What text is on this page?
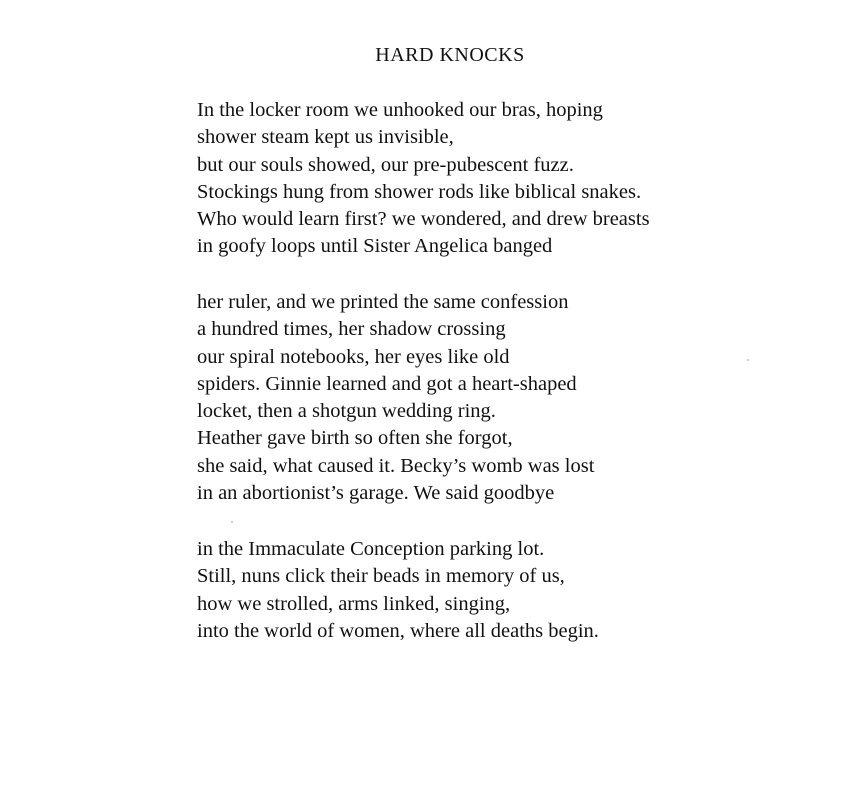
HARD KNOCKS
In the locker room we unhooked our bras, hoping
shower steam kept us invisible,
but our souls showed, our pre-pubescent fuzz.
Stockings hung from shower rods like biblical snakes.
Who would learn first? we wondered, and drew breasts
in goofy loops until Sister Angelica banged
her ruler, and we printed the same confession
a hundred times, her shadow crossing
our spiral notebooks, her eyes like old
spiders. Ginnie learned and got a heart-shaped
locket, then a shotgun wedding ring.
Heather gave birth so often she forgot,
she said, what caused it. Becky’s womb was lost
in an abortionist’s garage. We said goodbye
in the Immaculate Conception parking lot.
Still, nuns click their beads in memory of us,
how we strolled, arms linked, singing,
into the world of women, where all deaths begin.
